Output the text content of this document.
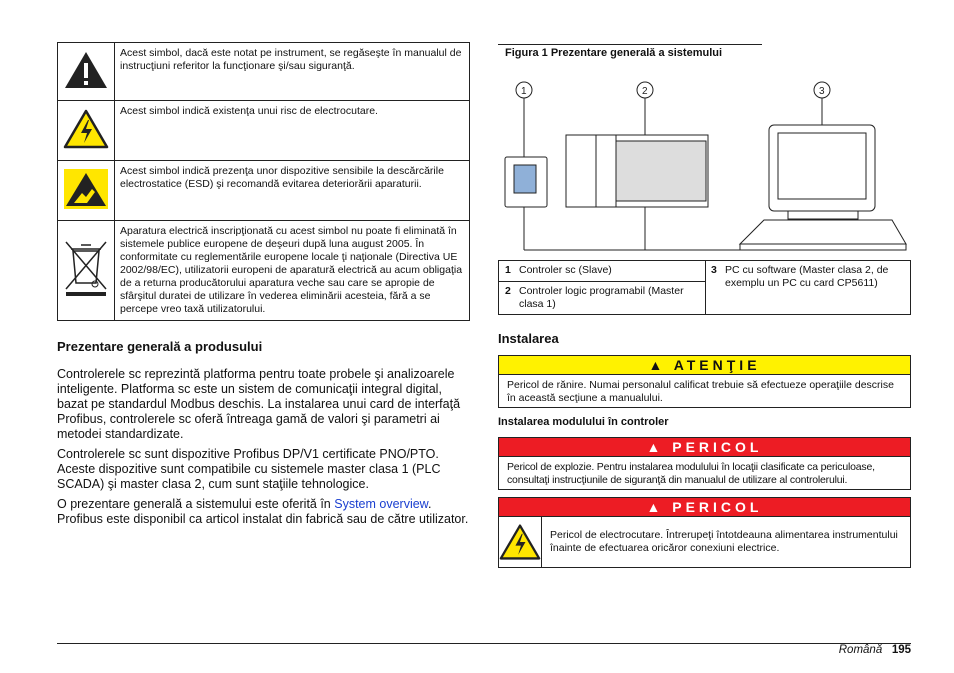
	Acest simbol, dacă este notat pe instrument, se regăseşte în manualul de instrucţiuni referitor la funcţionare şi/sau siguranţă.
	Acest simbol indică existenţa unui risc de electrocutare.
	Acest simbol indică prezenţa unor dispozitive sensibile la descărcările electrostatice (ESD) şi recomandă evitarea deteriorării aparaturii.
	Aparatura electrică inscripţionată cu acest simbol nu poate fi eliminată în sistemele publice europene de deşeuri după luna august 2005. În conformitate cu reglementările europene locale ţi naţionale (Directiva UE 2002/98/EC), utilizatorii europeni de aparatură electrică au acum obligaţia de a returna producătorului aparatura veche sau care se apropie de sfârşitul duratei de utilizare în vederea eliminării acesteia, fără a se percepe vreo taxă utilizatorului.
Prezentare generală a produsului

Controlerele sc reprezintă platforma pentru toate probele şi analizoarele inteligente. Platforma sc este un sistem de comunicaţii integral digital, bazat pe standardul Modbus deschis. La instalarea unui card de interfaţă Profibus, controlerele sc oferă întreaga gamă de valori şi parametri ai metodei standardizate.

Controlerele sc sunt dispozitive Profibus DP/V1 certificate PNO/PTO. Aceste dispozitive sunt compatibile cu sistemele master clasa 1 (PLC SCADA) şi master clasa 2, cum sunt staţiile tehnologice.

O prezentare generală a sistemului este oferită în System overview. Profibus este disponibil ca articol instalat din fabrică sau de către utilizator.

Figura 1 Prezentare generală a sistemului
1	2	3
1 Controler sc (Slave)
2 Controler logic programabil (Master clasa 1)
3 PC cu software (Master clasa 2, de exemplu un PC cu card CP5611)
Instalarea
▲ ATENŢIE
Pericol de rănire. Numai personalul calificat trebuie să efectueze operaţiile descrise în această secţiune a manualului.
Instalarea modulului în controler
▲ PERICOL
Pericol de explozie. Pentru instalarea modulului în locaţii clasificate ca periculoase, consultaţi instrucţiunile de siguranţă din manualul de utilizare al controlerului.
▲ PERICOL
Pericol de electrocutare. Întrerupeţi întotdeauna alimentarea instrumentului înainte de efectuarea oricăror conexiuni electrice.
Română 195
